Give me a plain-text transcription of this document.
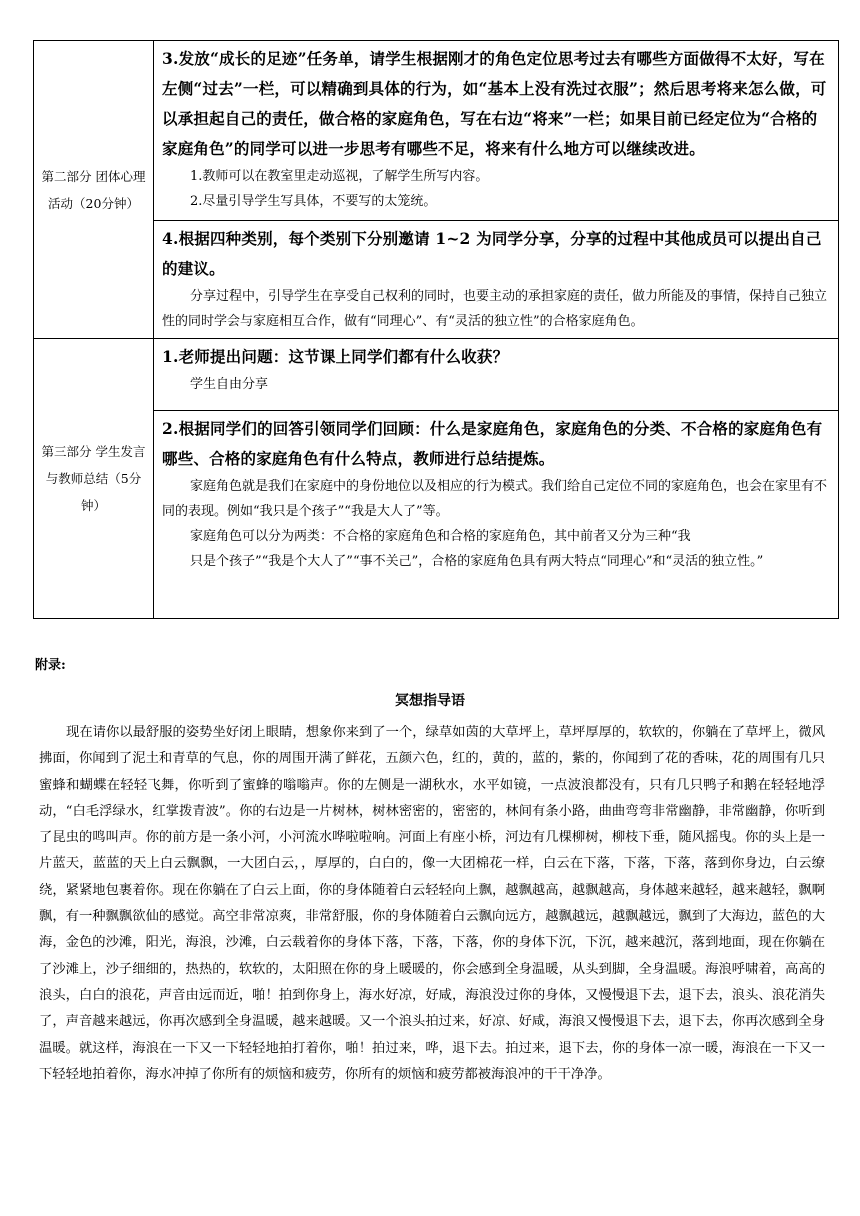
第二部分 团体心理活动（20分钟）	3.发放“成长的足迹”任务单，请学生根据刚才的角色定位思考过去有哪些方面做得不太好，写在左侧“过去”一栏，可以精确到具体的行为，如“基本上没有洗过衣服”；然后思考将来怎么做，可以承担起自己的责任，做合格的家庭角色，写在右边“将来”一栏；如果目前已经定位为“合格的家庭角色”的同学可以进一步思考有哪些不足，将来有什么地方可以继续改进。
1.教师可以在教室里走动巡视，了解学生所写内容。
2.尽量引导学生写具体，不要写的太笼统。

	4.根据四种类别，每个类别下分别邀请 1~2 为同学分享，分享的过程中其他成员可以提出自己的建议。
分享过程中，引导学生在享受自己权利的同时，也要主动的承担家庭的责任，做力所能及的事情，保持自己独立性的同时学会与家庭相互合作，做有“同理心”、有“灵活的独立性”的合格家庭角色。

第三部分 学生发言与教师总结（5分钟）	1.老师提出问题：这节课上同学们都有什么收获？
学生自由分享

	2.根据同学们的回答引领同学们回顾：什么是家庭角色，家庭角色的分类、不合格的家庭角色有哪些、合格的家庭角色有什么特点，教师进行总结提炼。
家庭角色就是我们在家庭中的身份地位以及相应的行为模式。我们给自己定位不同的家庭角色，也会在家里有不同的表现。例如“我只是个孩子”“我是大人了”等。
家庭角色可以分为两类：不合格的家庭角色和合格的家庭角色，其中前者又分为三种“我
只是个孩子”“我是个大人了”“事不关己”，合格的家庭角色具有两大特点“同理心”和“灵活的独立性。”
附录:
冥想指导语
现在请你以最舒服的姿势坐好闭上眼睛，想象你来到了一个，绿草如茵的大草坪上，草坪厚厚的，软软的，你躺在了草坪上，微风拂面，你闻到了泥土和青草的气息，你的周围开满了鲜花，五颜六色，红的，黄的，蓝的，紫的，你闻到了花的香味，花的周围有几只蜜蜂和蝴蝶在轻轻飞舞，你听到了蜜蜂的嗡嗡声。你的左侧是一湖秋水，水平如镜，一点波浪都没有，只有几只鸭子和鹅在轻轻地浮动，“白毛浮绿水，红掌拨青波”。你的右边是一片树林，树林密密的，密密的，林间有条小路，曲曲弯弯非常幽静，非常幽静，你听到了昆虫的鸣叫声。你的前方是一条小河，小河流水哗啦啦响。河面上有座小桥，河边有几棵柳树，柳枝下垂，随风摇曳。你的头上是一片蓝天，蓝蓝的天上白云飘飘，一大团白云，，厚厚的，白白的，像一大团棉花一样，白云在下落，下落，下落，落到你身边，白云缭绕，紧紧地包裹着你。现在你躺在了白云上面，你的身体随着白云轻轻向上飘，越飘越高，越飘越高，身体越来越轻，越来越轻，飘啊飘，有一种飘飘欲仙的感觉。高空非常凉爽，非常舒服，你的身体随着白云飘向远方，越飘越远，越飘越远，飘到了大海边，蓝色的大海，金色的沙滩，阳光，海浪，沙滩，白云载着你的身体下落，下落，下落，你的身体下沉，下沉，越来越沉，落到地面，现在你躺在了沙滩上，沙子细细的，热热的，软软的，太阳照在你的身上暖暖的，你会感到全身温暖，从头到脚，全身温暖。海浪呼啸着，高高的浪头，白白的浪花，声音由远而近，啪！拍到你身上，海水好凉，好咸，海浪没过你的身体，又慢慢退下去，退下去，浪头、浪花消失了，声音越来越远，你再次感到全身温暖，越来越暖。又一个浪头拍过来，好凉、好咸，海浪又慢慢退下去，退下去，你再次感到全身温暖。就这样，海浪在一下又一下轻轻地拍打着你，啪！拍过来，哗，退下去。拍过来，退下去，你的身体一凉一暖，海浪在一下又一下轻轻地拍着你，海水冲掉了你所有的烦恼和疲劳，你所有的烦恼和疲劳都被海浪冲的干干净净。
